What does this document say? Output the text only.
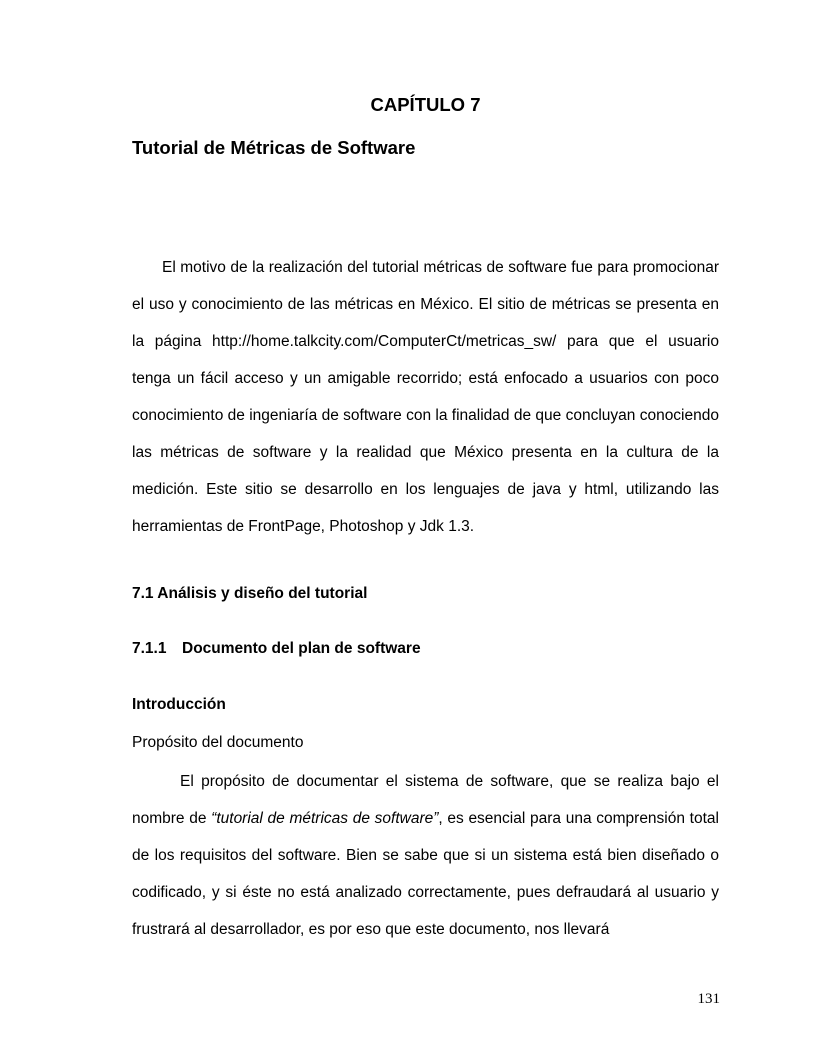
CAPÍTULO 7
Tutorial de Métricas de Software

El motivo de la realización del tutorial métricas de software fue para promocionar el uso y conocimiento de las métricas en México. El sitio de métricas se presenta en la página http://home.talkcity.com/ComputerCt/metricas_sw/ para que el usuario tenga un fácil acceso y un amigable recorrido; está enfocado a usuarios con poco conocimiento de ingeniaría de software con la finalidad de que concluyan conociendo las métricas de software y la realidad que México presenta en la cultura de la medición. Este sitio se desarrollo en los lenguajes de java y html, utilizando las herramientas de FrontPage, Photoshop y Jdk 1.3.

7.1 Análisis y diseño del tutorial
7.1.1 Documento del plan de software
Introducción
Propósito del documento

El propósito de documentar el sistema de software, que se realiza bajo el nombre de “tutorial de métricas de software”, es esencial para una comprensión total de los requisitos del software. Bien se sabe que si un sistema está bien diseñado o codificado, y si éste no está analizado correctamente, pues defraudará al usuario y frustrará al desarrollador, es por eso que este documento, nos llevará

131
